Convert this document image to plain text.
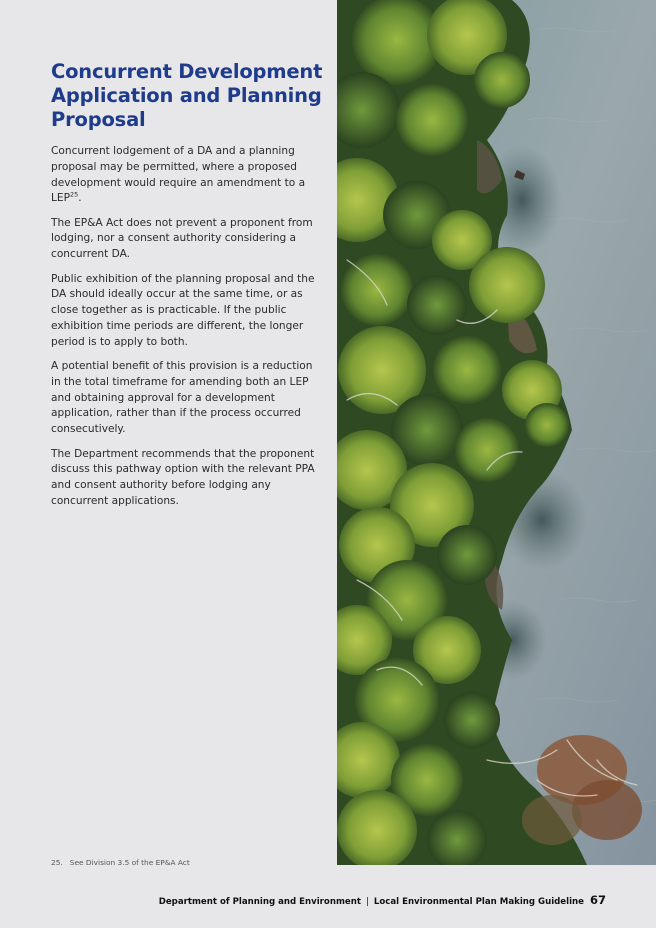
Concurrent Development Application and Planning Proposal

Concurrent lodgement of a DA and a planning proposal may be permitted, where a proposed development would require an amendment to a LEP$^{25}$.

The EP&A Act does not prevent a proponent from lodging, nor a consent authority considering a concurrent DA.

Public exhibition of the planning proposal and the DA should ideally occur at the same time, or as close together as is practicable. If the public exhibition time periods are different, the longer period is to apply to both.

A potential benefit of this provision is a reduction in the total timeframe for amending both an LEP and obtaining approval for a development application, rather than if the process occurred consecutively.

The Department recommends that the proponent discuss this pathway option with the relevant PPA and consent authority before lodging any concurrent applications.

25. See Division 3.5 of the EP&A Act
Department of Planning and Environment | Local Environmental Plan Making Guideline 67
